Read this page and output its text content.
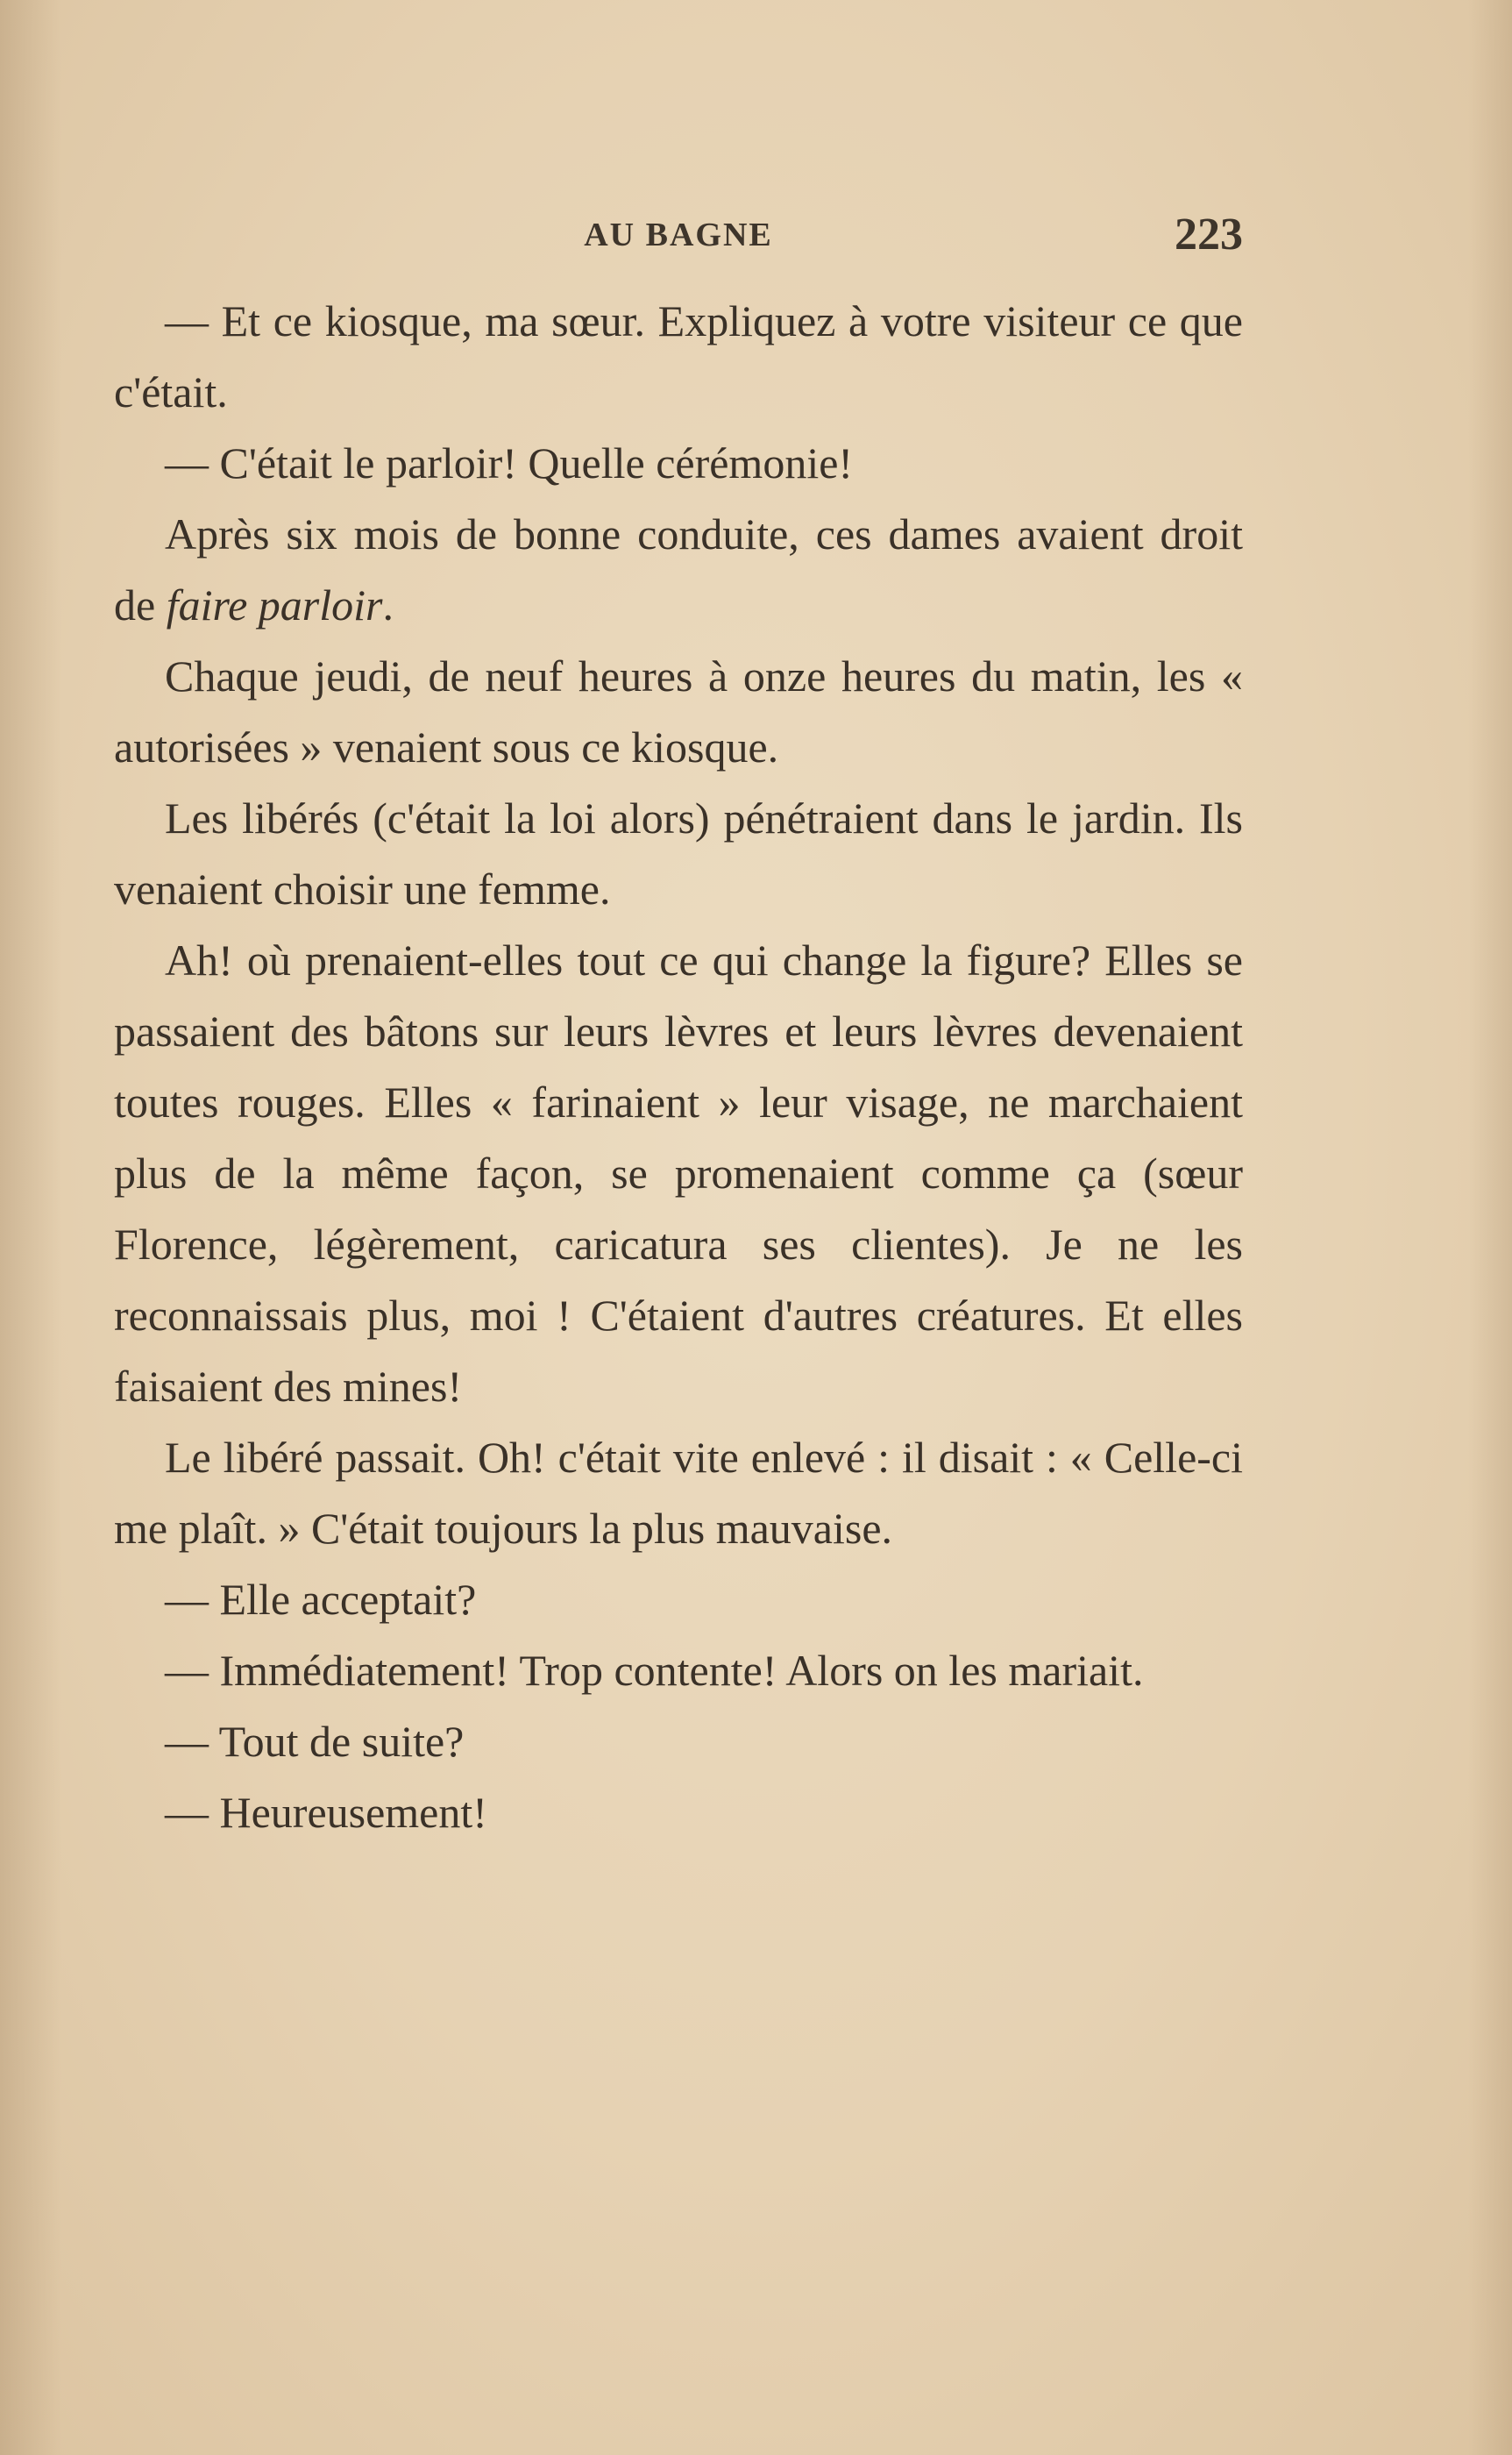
AU BAGNE	223

— Et ce kiosque, ma sœur. Expliquez à votre visiteur ce que c'était.

— C'était le parloir! Quelle cérémonie!

Après six mois de bonne conduite, ces dames avaient droit de faire parloir.

Chaque jeudi, de neuf heures à onze heures du matin, les « autorisées » venaient sous ce kiosque.

Les libérés (c'était la loi alors) pénétraient dans le jardin. Ils venaient choisir une femme.

Ah! où prenaient-elles tout ce qui change la figure? Elles se passaient des bâtons sur leurs lèvres et leurs lèvres devenaient toutes rouges. Elles « farinaient » leur visage, ne marchaient plus de la même façon, se promenaient comme ça (sœur Florence, légèrement, caricatura ses clientes). Je ne les reconnaissais plus, moi ! C'étaient d'autres créatures. Et elles faisaient des mines!

Le libéré passait. Oh! c'était vite enlevé : il disait : « Celle-ci me plaît. » C'était toujours la plus mauvaise.

— Elle acceptait?

— Immédiatement! Trop contente! Alors on les mariait.

— Tout de suite?

— Heureusement!
